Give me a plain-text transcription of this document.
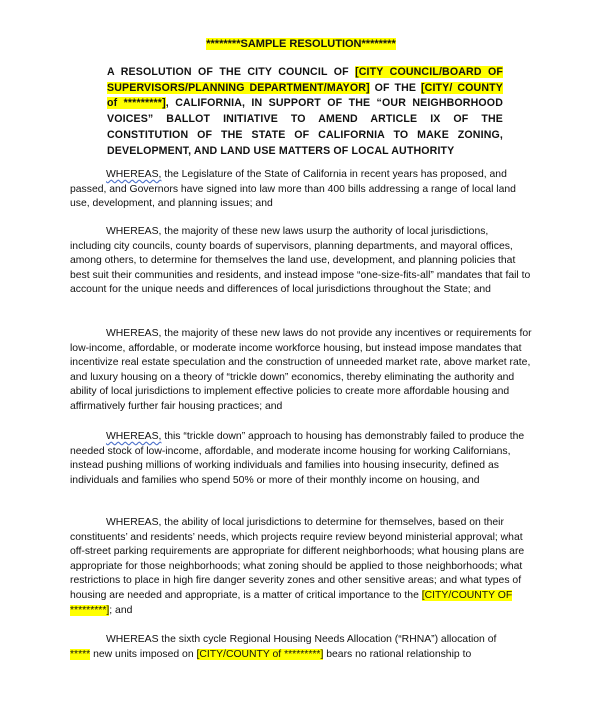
********SAMPLE RESOLUTION********
A RESOLUTION OF THE CITY COUNCIL OF [CITY COUNCIL/BOARD OF SUPERVISORS/PLANNING DEPARTMENT/MAYOR] OF THE [CITY/ COUNTY of *********], CALIFORNIA, IN SUPPORT OF THE “OUR NEIGHBORHOOD VOICES” BALLOT INITIATIVE TO AMEND ARTICLE IX OF THE CONSTITUTION OF THE STATE OF CALIFORNIA TO MAKE ZONING, DEVELOPMENT, AND LAND USE MATTERS OF LOCAL AUTHORITY

WHEREAS, the Legislature of the State of California in recent years has proposed, and passed, and Governors have signed into law more than 400 bills addressing a range of local land use, development, and planning issues; and

WHEREAS, the majority of these new laws usurp the authority of local jurisdictions, including city councils, county boards of supervisors, planning departments, and mayoral offices, among others, to determine for themselves the land use, development, and planning policies that best suit their communities and residents, and instead impose “one-size-fits-all” mandates that fail to account for the unique needs and differences of local jurisdictions throughout the State; and

WHEREAS, the majority of these new laws do not provide any incentives or requirements for low-income, affordable, or moderate income workforce housing, but instead impose mandates that incentivize real estate speculation and the construction of unneeded market rate, above market rate, and luxury housing on a theory of “trickle down” economics, thereby eliminating the authority and ability of local jurisdictions to implement effective policies to create more affordable housing and affirmatively further fair housing practices; and

WHEREAS, this “trickle down” approach to housing has demonstrably failed to produce the needed stock of low-income, affordable, and moderate income housing for working Californians, instead pushing millions of working individuals and families into housing insecurity, defined as individuals and families who spend 50% or more of their monthly income on housing, and

WHEREAS, the ability of local jurisdictions to determine for themselves, based on their constituents’ and residents’ needs, which projects require review beyond ministerial approval; what off-street parking requirements are appropriate for different neighborhoods; what housing plans are appropriate for those neighborhoods; what zoning should be applied to those neighborhoods; what restrictions to place in high fire danger severity zones and other sensitive areas; and what types of housing are needed and appropriate, is a matter of critical importance to the [CITY/COUNTY OF *********]; and

WHEREAS the sixth cycle Regional Housing Needs Allocation (“RHNA”) allocation of
***** new units imposed on [CITY/COUNTY of *********] bears no rational relationship to
